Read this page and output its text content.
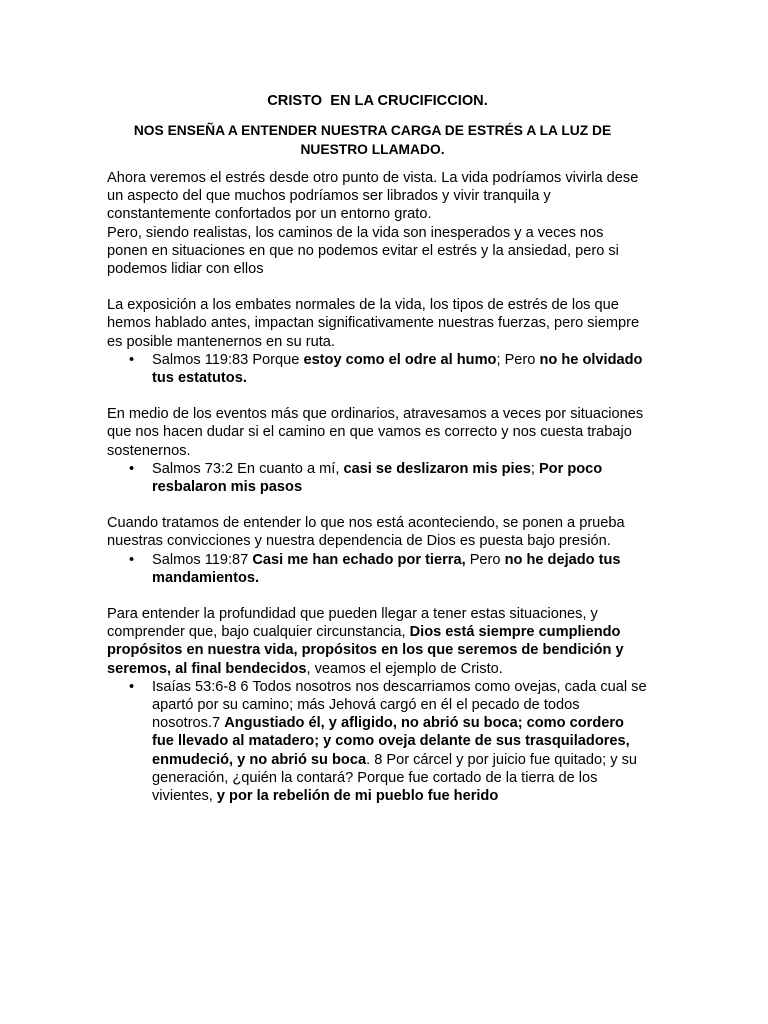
CRISTO  EN LA CRUCIFICCION.
NOS ENSEÑA A ENTENDER NUESTRA CARGA DE ESTRÉS A LA LUZ DE NUESTRO LLAMADO.

Ahora veremos el estrés desde otro punto de vista. La vida podríamos vivirla dese un aspecto del que muchos podríamos ser librados y vivir tranquila y constantemente confortados por un entorno grato.

Pero, siendo realistas, los caminos de la vida son inesperados y a veces nos ponen en situaciones en que no podemos evitar el estrés y la ansiedad, pero si podemos lidiar con ellos

La exposición a los embates normales de la vida, los tipos de estrés de los que hemos hablado antes, impactan significativamente nuestras fuerzas, pero siempre es posible mantenernos en su ruta.

• Salmos 119:83 Porque estoy como el odre al humo; Pero no he olvidado tus estatutos.

En medio de los eventos más que ordinarios, atravesamos a veces por situaciones que nos hacen dudar si el camino en que vamos es correcto y nos cuesta trabajo sostenernos.

• Salmos 73:2 En cuanto a mí, casi se deslizaron mis pies; Por poco resbalaron mis pasos

Cuando tratamos de entender lo que nos está aconteciendo, se ponen a prueba nuestras convicciones y nuestra dependencia de Dios es puesta bajo presión.

• Salmos 119:87 Casi me han echado por tierra, Pero no he dejado tus mandamientos.

Para entender la profundidad que pueden llegar a tener estas situaciones, y comprender que, bajo cualquier circunstancia, Dios está siempre cumpliendo propósitos en nuestra vida, propósitos en los que seremos de bendición y seremos, al final bendecidos, veamos el ejemplo de Cristo.

• Isaías 53:6-8 6 Todos nosotros nos descarriamos como ovejas, cada cual se apartó por su camino; más Jehová cargó en él el pecado de todos nosotros.7 Angustiado él, y afligido, no abrió su boca; como cordero fue llevado al matadero; y como oveja delante de sus trasquiladores, enmudeció, y no abrió su boca. 8 Por cárcel y por juicio fue quitado; y su generación, ¿quién la contará? Porque fue cortado de la tierra de los vivientes, y por la rebelión de mi pueblo fue herido
